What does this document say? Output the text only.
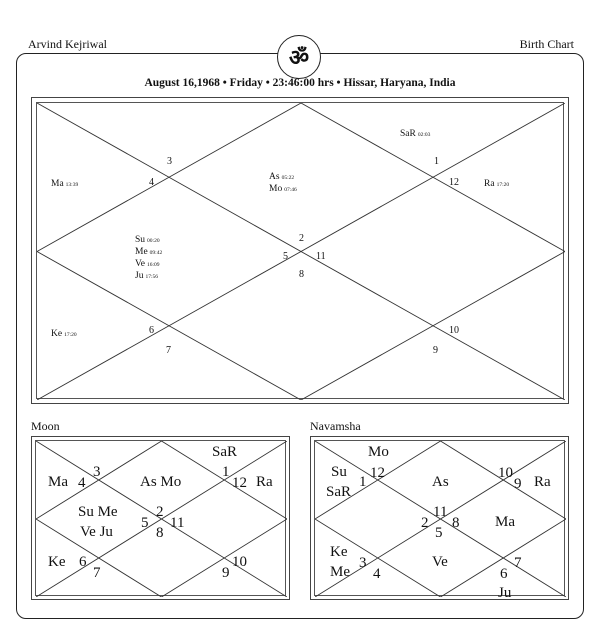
Arvind Kejriwal	Birth Chart
ॐ
August 16,1968 • Friday • 23:46:00 hrs • Hissar, Haryana, India
SaR 02:03
As 05:22
Mo 07:46
Ma 13:39	Ra 17:20
Su 00:20
Me 09:42
Ve 16:09
Ju 17:56
Ke 17:20
1
2
3
4
5
6
7
8
9
10
11
12
Moon
SaR
Ma	As Mo	Ra
Su Me
Ve Ju
Ke
1
2
3
4
5
6
7
8
9
10
11
12
Navamsha
Mo
Su
SaR
As	Ra
Ma
Ke
Me
Ve
Ju
1
2
3
4
5
6
7
8
9
10
11
12
